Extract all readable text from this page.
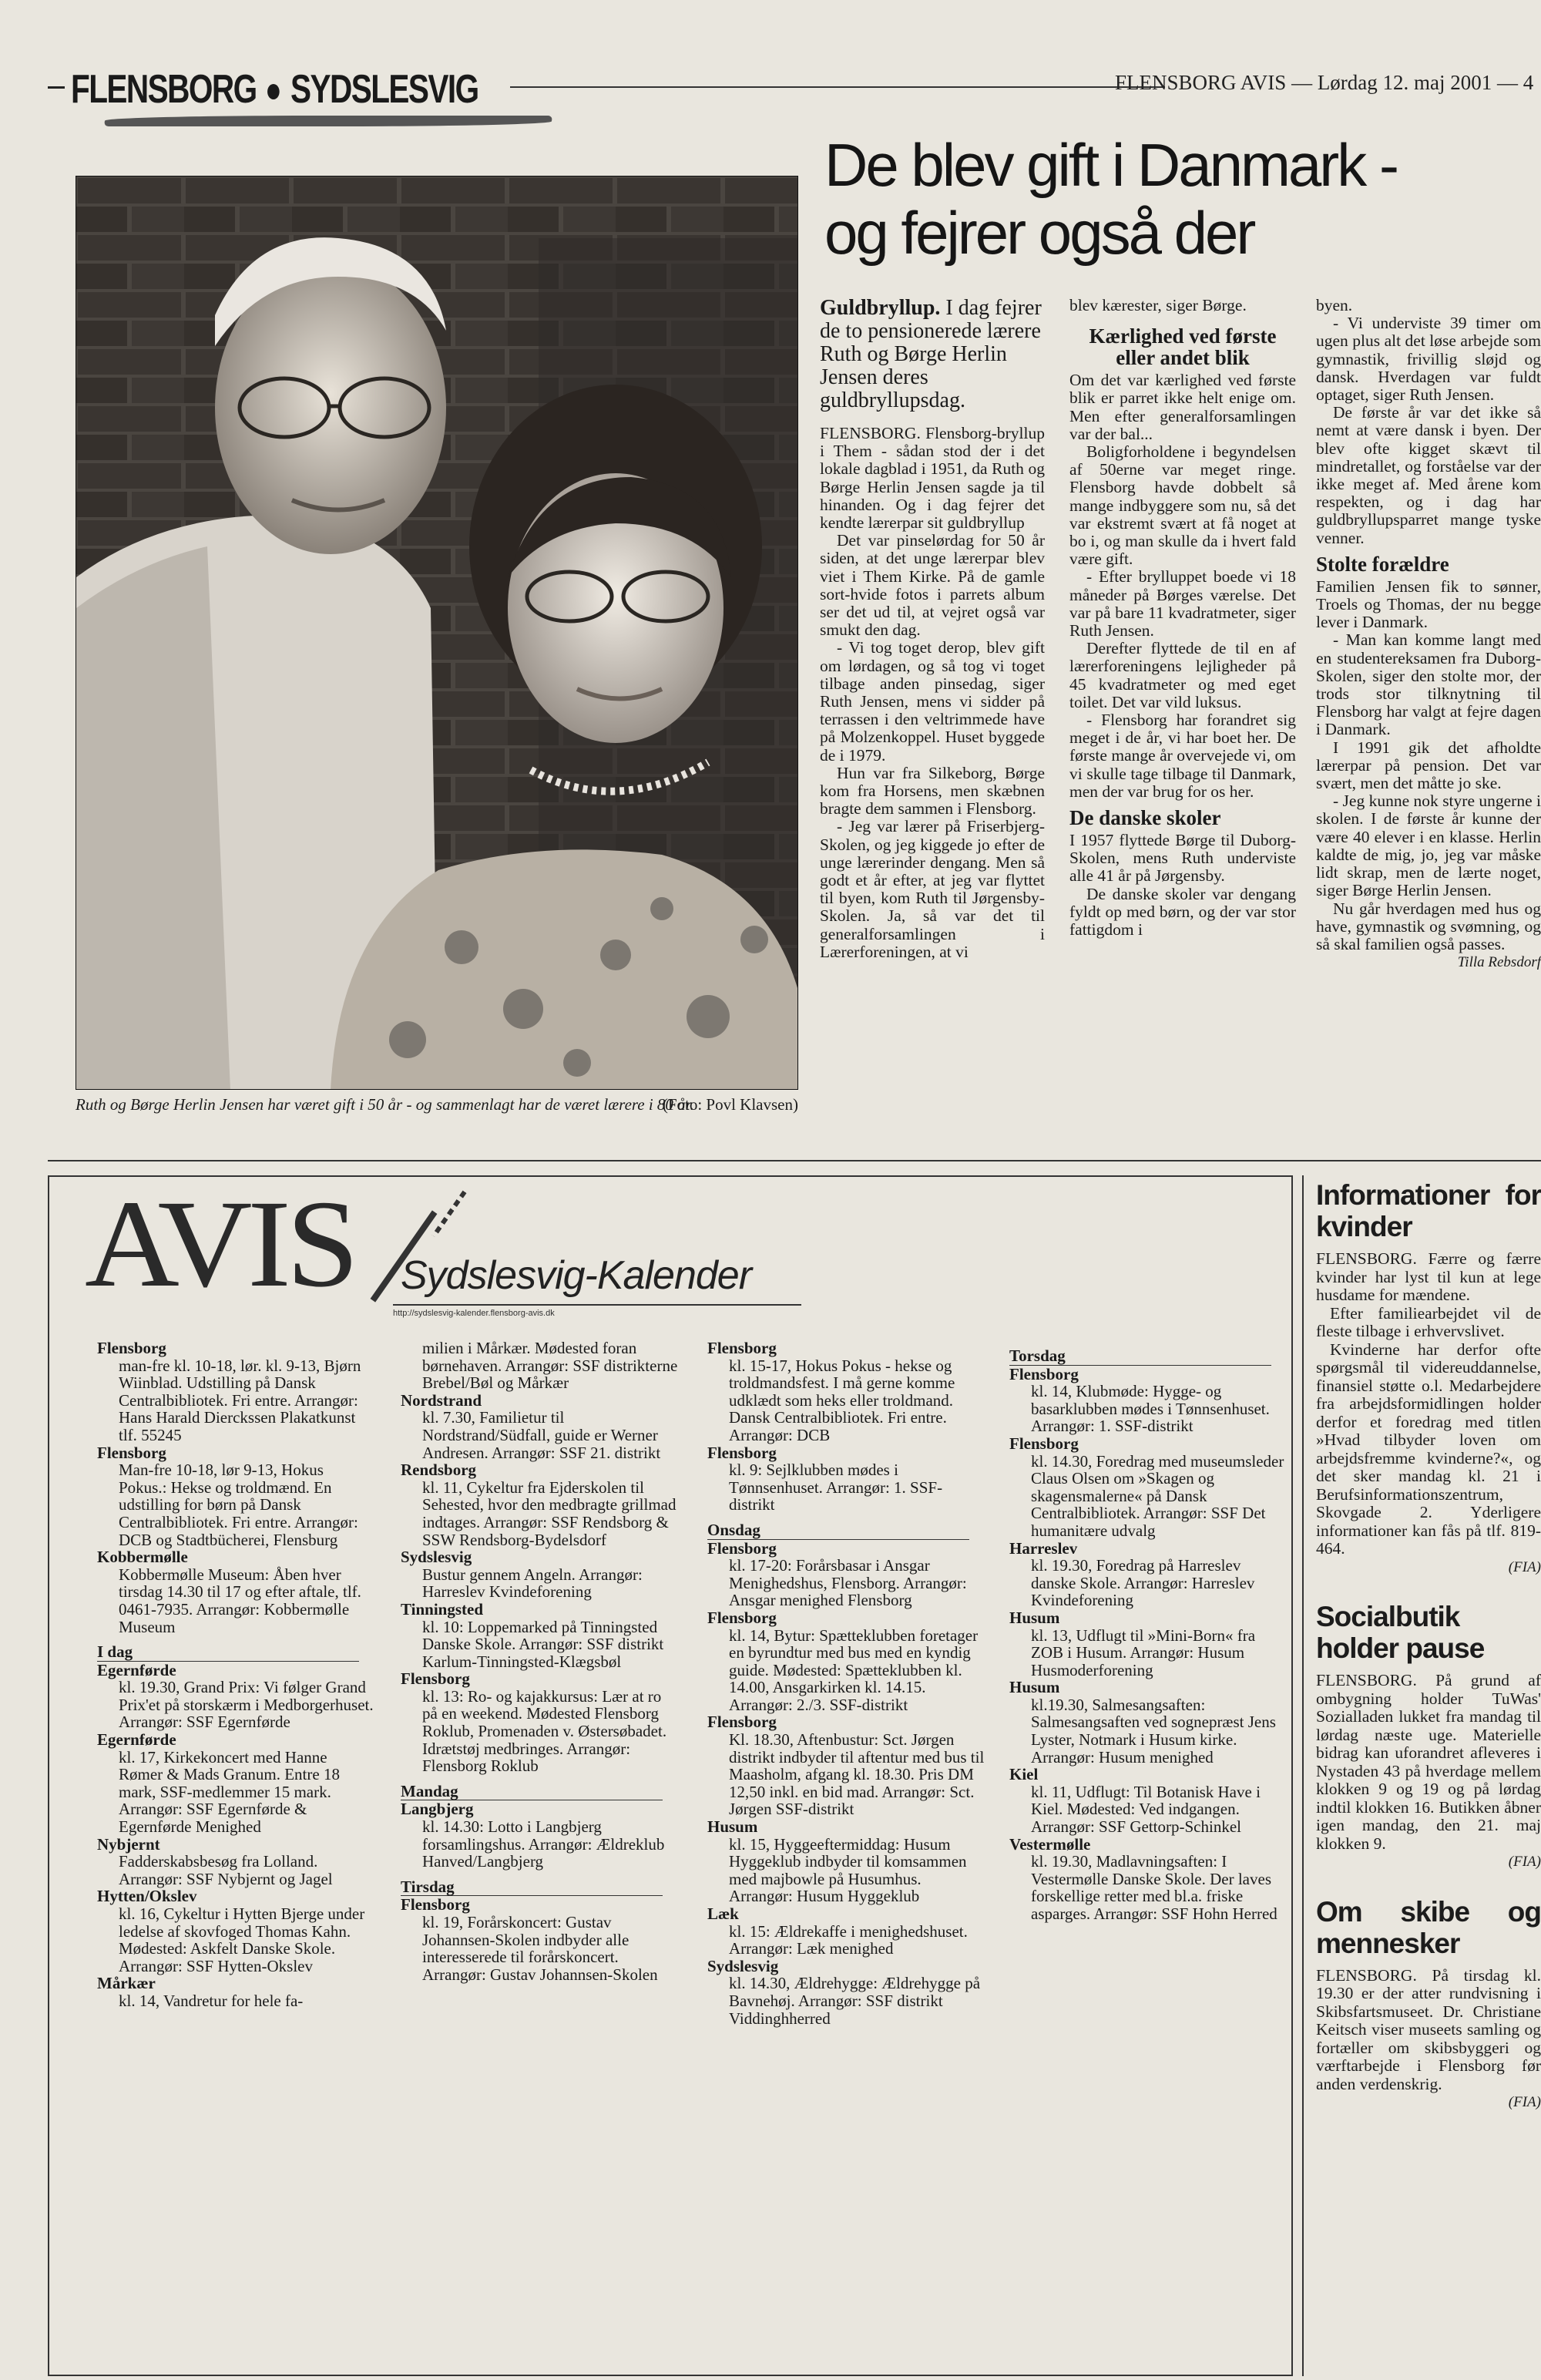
FLENSBORG SYDSLESVIG	FLENSBORG AVIS — Lørdag 12. maj 2001 — 4
De blev gift i Danmark -
og fejrer også der
Ruth og Børge Herlin Jensen har været gift i 50 år - og sammenlagt har de været lærere i 80 år.
(Foto: Povl Klavsen)
Guldbryllup. I dag fejrer de to pensionerede lærere Ruth og Børge Herlin Jensen deres guldbryllupsdag.

FLENSBORG. Flensborg-bryllup i Them - sådan stod der i det lokale dagblad i 1951, da Ruth og Børge Herlin Jensen sagde ja til hinanden. Og i dag fejrer det kendte lærerpar sit guldbryllup

Det var pinselørdag for 50 år siden, at det unge lærerpar blev viet i Them Kirke. På de gamle sort-hvide fotos i parrets album ser det ud til, at vejret også var smukt den dag.

- Vi tog toget derop, blev gift om lørdagen, og så tog vi toget tilbage anden pinsedag, siger Ruth Jensen, mens vi sidder på terrassen i den veltrimmede have på Molzenkoppel. Huset byggede de i 1979.

Hun var fra Silkeborg, Børge kom fra Horsens, men skæbnen bragte dem sammen i Flensborg.

- Jeg var lærer på Friserbjerg-Skolen, og jeg kiggede jo efter de unge lærerinder dengang. Men så godt et år efter, at jeg var flyttet til byen, kom Ruth til Jørgensby-Skolen. Ja, så var det til generalforsamlingen i Lærerforeningen, at vi

blev kærester, siger Børge.

Kærlighed ved første eller andet blik

Om det var kærlighed ved første blik er parret ikke helt enige om. Men efter generalforsamlingen var der bal...

Boligforholdene i begyndelsen af 50erne var meget ringe. Flensborg havde dobbelt så mange indbyggere som nu, så det var ekstremt svært at få noget at bo i, og man skulle da i hvert fald være gift.

- Efter brylluppet boede vi 18 måneder på Børges værelse. Det var på bare 11 kvadratmeter, siger Ruth Jensen.

Derefter flyttede de til en af lærerforeningens lejligheder på 45 kvadratmeter og med eget toilet. Det var vild luksus.

- Flensborg har forandret sig meget i de år, vi har boet her. De første mange år overvejede vi, om vi skulle tage tilbage til Danmark, men der var brug for os her.

De danske skoler

I 1957 flyttede Børge til Duborg-Skolen, mens Ruth underviste alle 41 år på Jørgensby.

De danske skoler var dengang fyldt op med børn, og der var stor fattigdom i

byen.

- Vi underviste 39 timer om ugen plus alt det løse arbejde som gymnastik, frivillig sløjd og dansk. Hverdagen var fuldt optaget, siger Ruth Jensen.

De første år var det ikke så nemt at være dansk i byen. Der blev ofte kigget skævt til mindretallet, og forståelse var der ikke meget af. Med årene kom respekten, og i dag har guldbryllupsparret mange tyske venner.

Stolte forældre

Familien Jensen fik to sønner, Troels og Thomas, der nu begge lever i Danmark.

- Man kan komme langt med en studentereksamen fra Duborg-Skolen, siger den stolte mor, der trods stor tilknytning til Flensborg har valgt at fejre dagen i Danmark.

I 1991 gik det afholdte lærerpar på pension. Det var svært, men det måtte jo ske.

- Jeg kunne nok styre ungerne i skolen. I de første år kunne der være 40 elever i en klasse. Herlin kaldte de mig, jo, jeg var måske lidt skrap, men de lærte noget, siger Børge Herlin Jensen.

Nu går hverdagen med hus og have, gymnastik og svømning, og så skal familien også passes.

Tilla Rebsdorf
AVIS Sydslesvig-Kalender
http://sydslesvig-kalender.flensborg-avis.dk
Flensborg
man-fre kl. 10-18, lør. kl. 9-13, Bjørn Wiinblad. Udstilling på Dansk Centralbibliotek. Fri entre. Arrangør: Hans Harald Dierckssen Plakatkunst tlf. 55245
Flensborg
Man-fre 10-18, lør 9-13, Hokus Pokus.: Hekse og troldmænd. En udstilling for børn på Dansk Centralbibliotek. Fri entre. Arrangør: DCB og Stadtbücherei, Flensburg
Kobbermølle
Kobbermølle Museum: Åben hver tirsdag 14.30 til 17 og efter aftale, tlf. 0461-7935. Arrangør: Kobbermølle Museum
I dag
Egernførde
kl. 19.30, Grand Prix: Vi følger Grand Prix'et på storskærm i Medborgerhuset. Arrangør: SSF Egernførde
Egernførde
kl. 17, Kirkekoncert med Hanne Rømer & Mads Granum. Entre 18 mark, SSF-medlemmer 15 mark. Arrangør: SSF Egernførde & Egernførde Menighed
Nybjernt
Fadderskabsbesøg fra Lolland. Arrangør: SSF Nybjernt og Jagel
Hytten/Okslev
kl. 16, Cykeltur i Hytten Bjerge under ledelse af skovfoged Thomas Kahn. Mødested: Askfelt Danske Skole. Arrangør: SSF Hytten-Okslev
Mårkær
kl. 14, Vandretur for hele fa-
milien i Mårkær. Mødested foran børnehaven. Arrangør: SSF distrikterne Brebel/Bøl og Mårkær
Nordstrand
kl. 7.30, Familietur til Nordstrand/Südfall, guide er Werner Andresen. Arrangør: SSF 21. distrikt
Rendsborg
kl. 11, Cykeltur fra Ejderskolen til Sehested, hvor den medbragte grillmad indtages. Arrangør: SSF Rendsborg & SSW Rendsborg-Bydelsdorf
Sydslesvig
Bustur gennem Angeln. Arrangør: Harreslev Kvindeforening
Tinningsted
kl. 10: Loppemarked på Tinningsted Danske Skole. Arrangør: SSF distrikt Karlum-Tinningsted-Klægsbøl
Flensborg
kl. 13: Ro- og kajakkursus: Lær at ro på en weekend. Mødested Flensborg Roklub, Promenaden v. Østersøbadet. Idrætstøj medbringes. Arrangør: Flensborg Roklub
Mandag
Langbjerg
kl. 14.30: Lotto i Langbjerg forsamlingshus. Arrangør: Ældreklub Hanved/Langbjerg
Tirsdag
Flensborg
kl. 19, Forårskoncert: Gustav Johannsen-Skolen indbyder alle interesserede til forårskoncert. Arrangør: Gustav Johannsen-Skolen
Flensborg
kl. 15-17, Hokus Pokus - hekse og troldmandsfest. I må gerne komme udklædt som heks eller troldmand. Dansk Centralbibliotek. Fri entre. Arrangør: DCB
Flensborg
kl. 9: Sejlklubben mødes i Tønnsenhuset. Arrangør: 1. SSF-distrikt
Onsdag
Flensborg
kl. 17-20: Forårsbasar i Ansgar Menighedshus, Flensborg. Arrangør: Ansgar menighed Flensborg
Flensborg
kl. 14, Bytur: Spætteklubben foretager en byrundtur med bus med en kyndig guide. Mødested: Spætteklubben kl. 14.00, Ansgarkirken kl. 14.15. Arrangør: 2./3. SSF-distrikt
Flensborg
Kl. 18.30, Aftenbustur: Sct. Jørgen distrikt indbyder til aftentur med bus til Maasholm, afgang kl. 18.30. Pris DM 12,50 inkl. en bid mad. Arrangør: Sct. Jørgen SSF-distrikt
Husum
kl. 15, Hyggeeftermiddag: Husum Hyggeklub indbyder til komsammen med majbowle på Husumhus. Arrangør: Husum Hyggeklub
Læk
kl. 15: Ældrekaffe i menighedshuset. Arrangør: Læk menighed
Sydslesvig
kl. 14.30, Ældrehygge: Ældrehygge på Bavnehøj. Arrangør: SSF distrikt Viddinghherred
Torsdag
Flensborg
kl. 14, Klubmøde: Hygge- og basarklubben mødes i Tønnsenhuset. Arrangør: 1. SSF-distrikt
Flensborg
kl. 14.30, Foredrag med museumsleder Claus Olsen om »Skagen og skagensmalerne« på Dansk Centralbibliotek. Arrangør: SSF Det humanitære udvalg
Harreslev
kl. 19.30, Foredrag på Harreslev danske Skole. Arrangør: Harreslev Kvindeforening
Husum
kl. 13, Udflugt til »Mini-Born« fra ZOB i Husum. Arrangør: Husum Husmoderforening
Husum
kl.19.30, Salmesangsaften: Salmesangsaften ved sognepræst Jens Lyster, Notmark i Husum kirke. Arrangør: Husum menighed
Kiel
kl. 11, Udflugt: Til Botanisk Have i Kiel. Mødested: Ved indgangen. Arrangør: SSF Gettorp-Schinkel
Vestermølle
kl. 19.30, Madlavningsaften: I Vestermølle Danske Skole. Der laves forskellige retter med bl.a. friske asparges. Arrangør: SSF Hohn Herred
Informationer for kvinder

FLENSBORG. Færre og færre kvinder har lyst til kun at lege husdame for mændene.

Efter familiearbejdet vil de fleste tilbage i erhvervslivet.

Kvinderne har derfor ofte spørgsmål til videreuddannelse, finansiel støtte o.l. Medarbejdere fra arbejdsformidlingen holder derfor et foredrag med titlen »Hvad tilbyder loven om arbejdsfremme kvinderne?«, og det sker mandag kl. 21 i Berufsinformationszentrum, Skovgade 2. Yderligere informationer kan fås på tlf. 819-464.

(FIA)
Socialbutik holder pause

FLENSBORG. På grund af ombygning holder TuWas' Sozialladen lukket fra mandag til lørdag næste uge. Materielle bidrag kan uforandret afleveres i Nystaden 43 på hverdage mellem klokken 9 og 19 og på lørdag indtil klokken 16. Butikken åbner igen mandag, den 21. maj klokken 9.

(FIA)
Om skibe og mennesker

FLENSBORG. På tirsdag kl. 19.30 er der atter rundvisning i Skibsfartsmuseet. Dr. Christiane Keitsch viser museets samling og fortæller om skibsbyggeri og værftarbejde i Flensborg før anden verdenskrig.

(FIA)
